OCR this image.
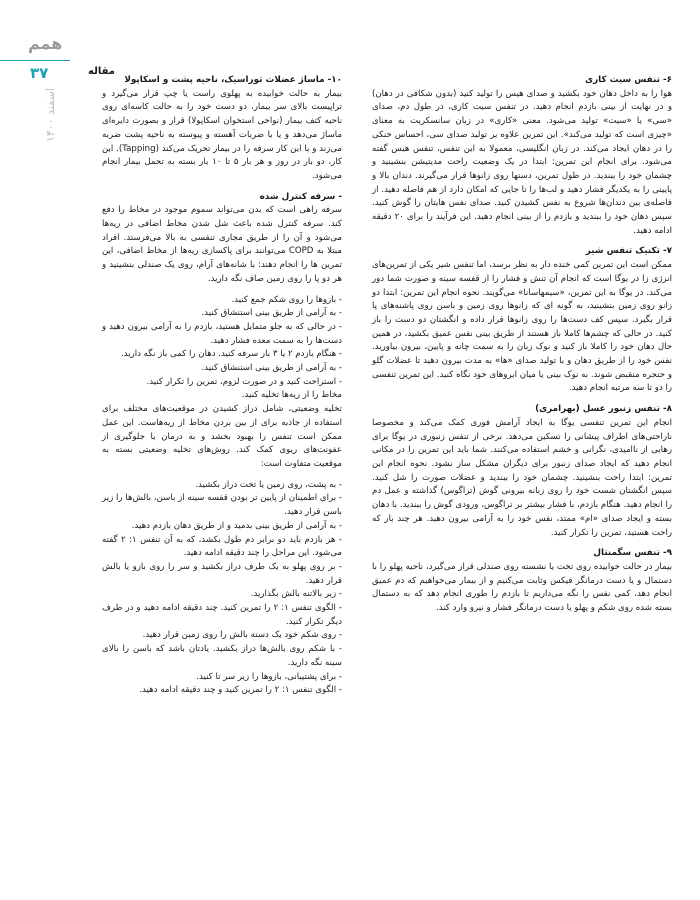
همم
۳۷	مقاله
اسفند ۱۴۰۰
۶- تنفس سیت کاری

هوا را به داخل دهان خود بکشید و صدای هیس را تولید کنید (بدون شکافی در دهان) و در نهایت از بینی بازدم انجام دهید. در تنفس سیت کاری، در طول دم، صدای «سی» یا «سیت» تولید می‌شود. معنی «کاری» در زبان سانسکریت به معنای «چیزی است که تولید می‌کند». این تمرین علاوه بر تولید صدای سی، احساس خنکی را در دهان ایجاد می‌کند. در زبان انگلیسی، معمولا به این تنفس، تنفس هیس گفته می‌شود. برای انجام این تمرین: ابتدا در یک وضعیت راحت مدیتیشن بنشینید و چشمان خود را ببندید. در طول تمرین، دستها روی زانوها قرار می‌گیرند. دندان بالا و پایینی را به یکدیگر فشار دهید و لب‌ها را تا جایی که امکان دارد از هم فاصله دهید. از فاصله‌ی بین دندان‌ها شروع به نفس کشیدن کنید. صدای نفس هایتان را گوش کنید. سپس دهان خود را ببندید و بازدم را از بینی انجام دهید. این فرآیند را برای ۲۰ دقیقه ادامه دهید.

۷- تکنیک تنفس شیر

ممکن است این تمرین کمی خنده دار به نظر برسد، اما تنفس شیر یکی از تمرین‌های انرژی زا در یوگا است که انجام آن تنش و فشار را از قفسه سینه و صورت شما دور می‌کند. در یوگا به این تمرین، «سیمهاسانا» می‌گویند. نحوه انجام این تمرین: ابتدا دو زانو روی زمین بنشینید، به گونه ای که زانوها روی زمین و باسن روی پاشنه‌های پا قرار بگیرد. سپس کف دست‌ها را روی زانوها قرار داده و انگشتان دو دست را باز کنید. در حالی که چشم‌ها کاملا باز هستند از طریق بینی نفس عمیق بکشید، در همین حال دهان خود را کاملا باز کنید و نوک زبان را به سمت چانه و پایین، بیرون بیاورید. نفس خود را از طریق دهان و با تولید صدای «ها» به مدت بیرون دهید تا عضلات گلو و حنجره منقبض شوند. به نوک بینی یا میان ابروهای خود نگاه کنید. این تمرین تنفسی را دو تا سه مرتبه انجام دهید.

۸- تنفس زنبور عسل (بهرامری)

انجام این تمرین تنفسی یوگا به ایجاد آرامش فوری کمک می‌کند و مخصوصا ناراحتی‌های اطراف پیشانی را تسکین می‌دهد. برخی از تنفس زنبوری در یوگا برای رهایی از ناامیدی، نگرانی و خشم استفاده می‌کنند. شما باید این تمرین را در مکانی انجام دهید که ایجاد صدای زنبور برای دیگران مشکل ساز نشود. نحوه انجام این تمرین: ابتدا راحت بنشینید. چشمان خود را ببندید و عضلات صورت را شل کنید. سپس انگشتان شست خود را روی زبانه بیرونی گوش (تراگوس) گذاشته و عمل دم را انجام دهید. هنگام بازدم، با فشار بیشتر بر تراگوس، ورودی گوش را ببندید. با دهان بسته و ایجاد صدای «ام» ممتد، نفس خود را به آرامی بیرون دهید. هر چند بار که راحت هستید، تمرین را تکرار کنید.

۹- تنفس سگمنتال

بیمار در حالت خوابیده روی تخت یا نشسته روی صندلی قرار می‌گیرد، ناحیه پهلو را با دستمال و یا دست درمانگر فیکس وثابت می‌کنیم و از بیمار می‌خواهیم که دم عمیق انجام دهد، کمی نفس را نگه می‌داریم تا بازدم را طوری انجام دهد که به دستمال بسته شده روی شکم و پهلو یا دست درمانگر فشار و نیرو وارد کند.

۱۰- ماساژ عضلات توراسیک، ناحیه پشت و اسکاپولا

بیمار به حالت خوابیده به پهلوی راست یا چپ قرار می‌گیرد و تراپیست بالای سر بیمار، دو دست خود را به حالت کاسه‌ای روی ناحیه کتف بیمار (نواحی استخوان اسکاپولا) قرار و بصورت دایره‌ای ماساژ می‌دهد و یا با ضربات آهسته و پیوسته به ناحیه پشت ضربه می‌زند و با این کار سرفه را در بیمار تحریک می‌کند (Tapping). این کار، دو بار در روز و هر بار ۵ تا ۱۰ بار بسته به تحمل بیمار انجام می‌شود.

- سرفه کنترل شده

سرفه راهی است که بدن می‌تواند سموم موجود در مخاط را دفع کند. سرفه کنترل شده باعث شل شدن مخاط اضافی در ریه‌ها می‌شود و آن را از طریق مجاری تنفسی به بالا می‌فرستد. افراد مبتلا به COPD می‌توانند برای پاکسازی ریه‌ها از مخاط اضافی، این تمرین ها را انجام دهند: با شانه‌های آرام، روی یک صندلی بنشینید و هر دو پا را روی زمین صاف نگه دارید.

- بازوها را روی شکم جمع کنید.
- به آرامی از طریق بینی استنشاق کنید.
- در حالی که به جلو متمایل هستید، بازدم را به آرامی بیرون دهید و دست‌ها را به سمت معده فشار دهید.
- هنگام بازدم ۲ یا ۳ بار سرفه کنید. دهان را کمی باز نگه دارید.
- به آرامی از طریق بینی استنشاق کنید.
- استراحت کنید و در صورت لزوم، تمرین را تکرار کنید.
مخاط را از ریه‌ها تخلیه کنید.

تخلیه وضعیتی، شامل دراز کشیدن در موقعیت‌های مختلف برای استفاده از جاذبه برای از بین بردن مخاط از ریه‌هاست. این عمل ممکن است تنفس را بهبود بخشد و به درمان یا جلوگیری از عفونت‌های ریوی کمک کند. روش‌های تخلیه وضعیتی بسته به موقعیت متفاوت است:

- به پشت، روی زمین یا تخت دراز بکشید.
- برای اطمینان از پایین تر بودن قفسه سینه از باسن، بالش‌ها را زیر باسن قرار دهید.
- به آرامی از طریق بینی بدمید و از طریق دهان بازدم دهید.
- هر بازدم باید دو برابر دم طول بکشد، که به آن تنفس ۱: ۲ گفته می‌شود. این مراحل را چند دقیقه ادامه دهید.
- بر روی پهلو به یک طرف دراز بکشید و سر را روی بازو یا بالش قرار دهید.
- زیر بالاتنه بالش بگذارید.
- الگوی تنفس ۱: ۲ را تمرین کنید. چند دقیقه ادامه دهید و در طرف دیگر تکرار کنید.
- روی شکم خود یک دسته بالش را روی زمین قرار دهید.
- با شکم روی بالش‌ها دراز بکشید. یادتان باشد که باسن را بالای سینه نگه دارید.
- برای پشتیبانی، بازوها را زیر سر تا کنید.
- الگوی تنفس ۱: ۲ را تمرین کنید و چند دقیقه ادامه دهید.
